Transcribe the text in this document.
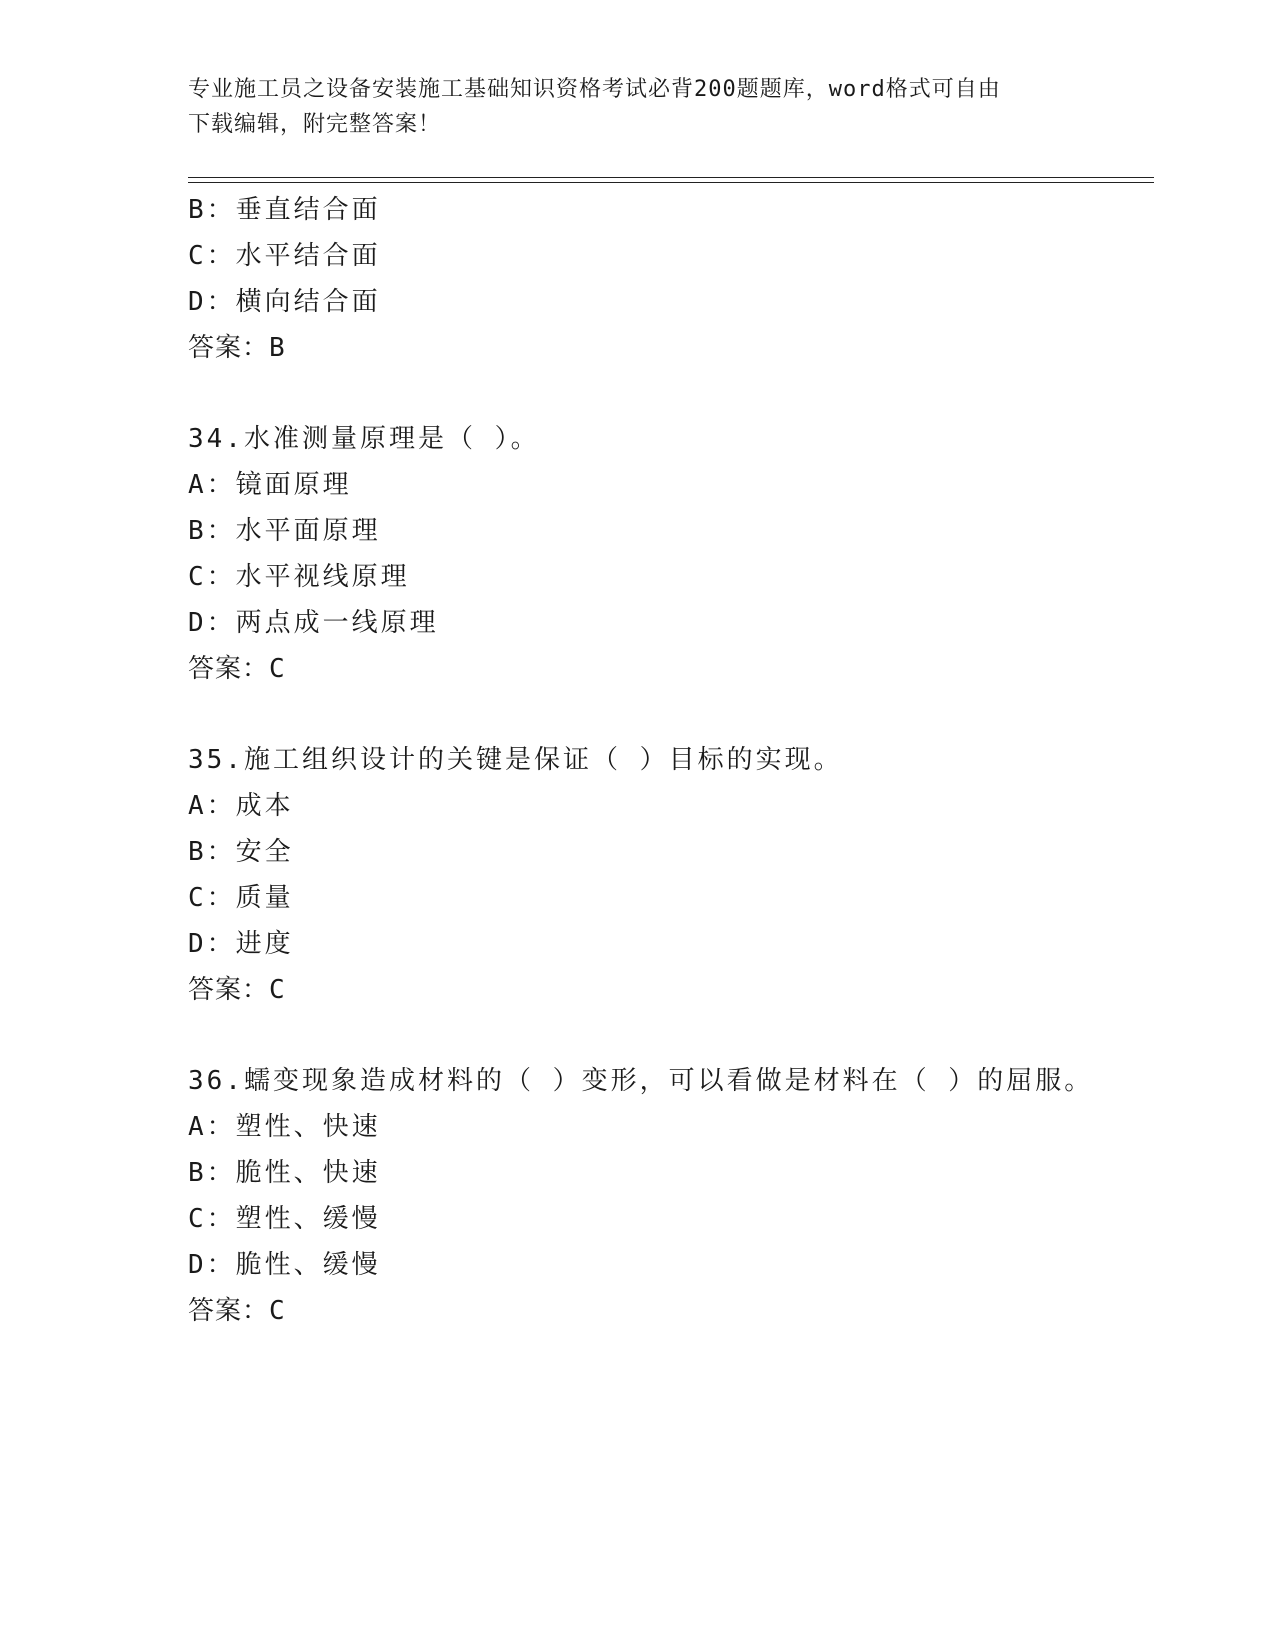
专业施工员之设备安装施工基础知识资格考试必背200题题库，word格式可自由
下载编辑，附完整答案！
B：垂直结合面
C：水平结合面
D：横向结合面
答案：B
34.水准测量原理是（ ）。
A：镜面原理
B：水平面原理
C：水平视线原理
D：两点成一线原理
答案：C
35.施工组织设计的关键是保证（ ）目标的实现。
A：成本
B：安全
C：质量
D：进度
答案：C
36.蠕变现象造成材料的（ ）变形，可以看做是材料在（ ）的屈服。
A：塑性、快速
B：脆性、快速
C：塑性、缓慢
D：脆性、缓慢
答案：C
